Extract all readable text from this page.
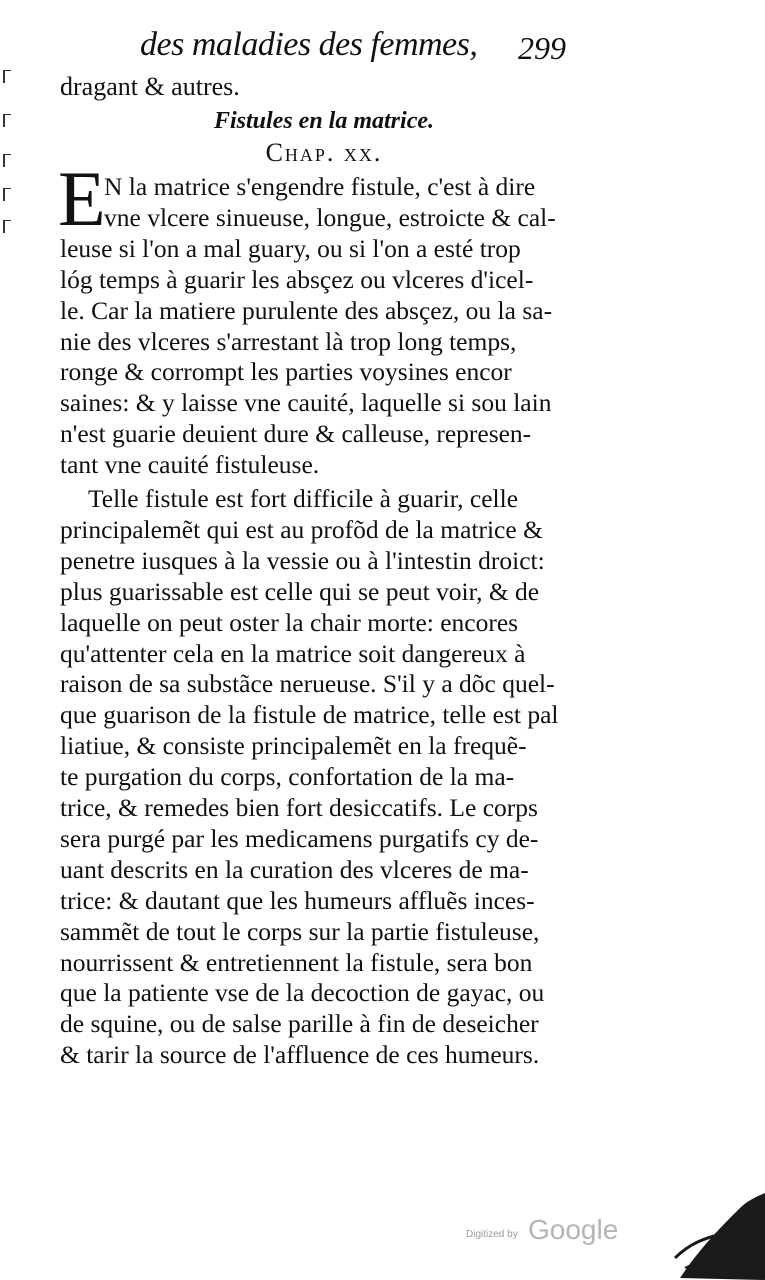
des maladies des femmes, 299
dragant & autres.
Fistules en la matrice.
Chap. xx.
E
N la matrice s'engendre fistule, c'est à dire
vne vlcere sinueuse, longue, estroicte & cal-
leuse si l'on a mal guary, ou si l'on a esté trop
lóg temps à guarir les absçez ou vlceres d'icel-
le. Car la matiere purulente des absçez, ou la sa-
nie des vlceres s'arrestant là trop long temps,
ronge & corrompt les parties voysines encor
saines: & y laisse vne cauité, laquelle si sou lain
n'est guarie deuient dure & calleuse, represen-
tant vne cauité fistuleuse.
Telle fistule est fort difficile à guarir, celle
principalemẽt qui est au profõd de la matrice &
penetre iusques à la vessie ou à l'intestin droict:
plus guarissable est celle qui se peut voir, & de
laquelle on peut oster la chair morte: encores
qu'attenter cela en la matrice soit dangereux à
raison de sa substãce nerueuse. S'il y a dõc quel-
que guarison de la fistule de matrice, telle est pal
liatiue, & consiste principalemẽt en la frequẽ-
te purgation du corps, confortation de la ma-
trice, & remedes bien fort desiccatifs. Le corps
sera purgé par les medicamens purgatifs cy de-
uant descrits en la curation des vlceres de ma-
trice: & dautant que les humeurs affluẽs inces-
sammẽt de tout le corps sur la partie fistuleuse,
nourrissent & entretiennent la fistule, sera bon
que la patiente vse de la decoction de gayac, ou
de squine, ou de salse parille à fin de deseicher
& tarir la source de l'affluence de ces humeurs.
Digitized by Google
